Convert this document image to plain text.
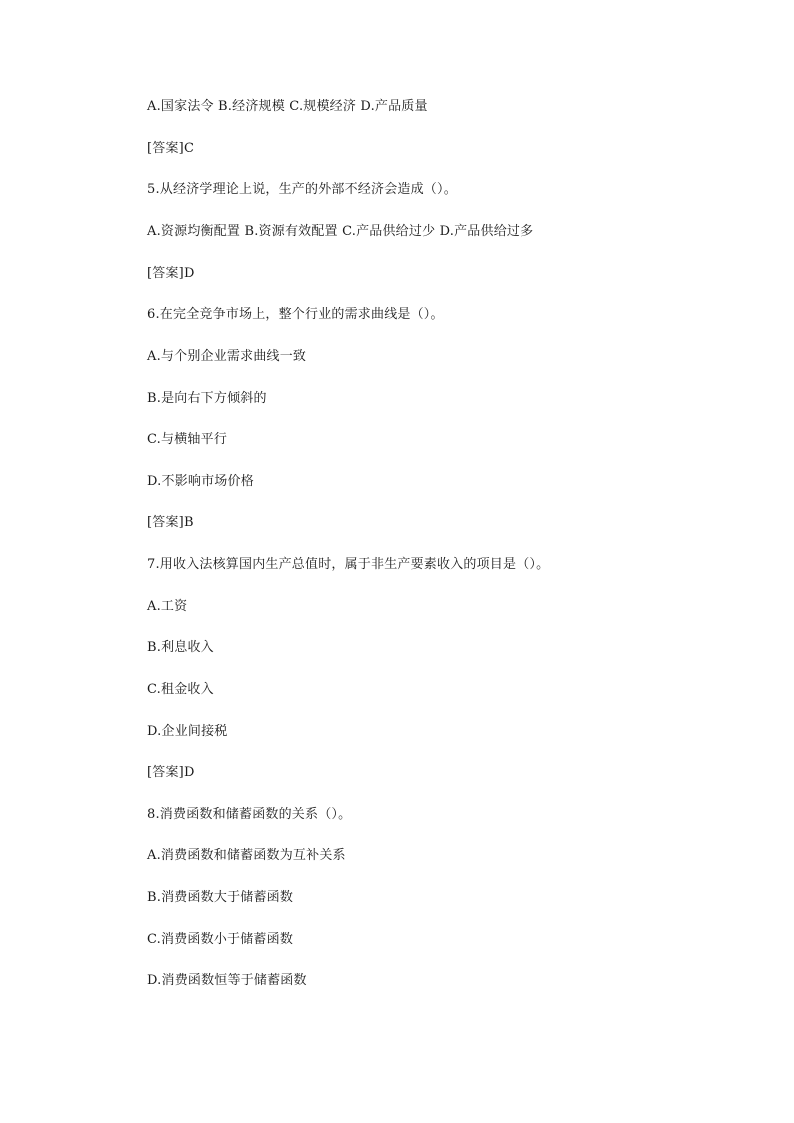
A.国家法令 B.经济规模 C.规模经济 D.产品质量
[答案]C
5.从经济学理论上说，生产的外部不经济会造成（）。
A.资源均衡配置 B.资源有效配置 C.产品供给过少 D.产品供给过多
[答案]D
6.在完全竞争市场上，整个行业的需求曲线是（）。
A.与个别企业需求曲线一致
B.是向右下方倾斜的
C.与横轴平行
D.不影响市场价格
[答案]B
7.用收入法核算国内生产总值时，属于非生产要素收入的项目是（）。
A.工资
B.利息收入
C.租金收入
D.企业间接税
[答案]D
8.消费函数和储蓄函数的关系（）。
A.消费函数和储蓄函数为互补关系
B.消费函数大于储蓄函数
C.消费函数小于储蓄函数
D.消费函数恒等于储蓄函数
